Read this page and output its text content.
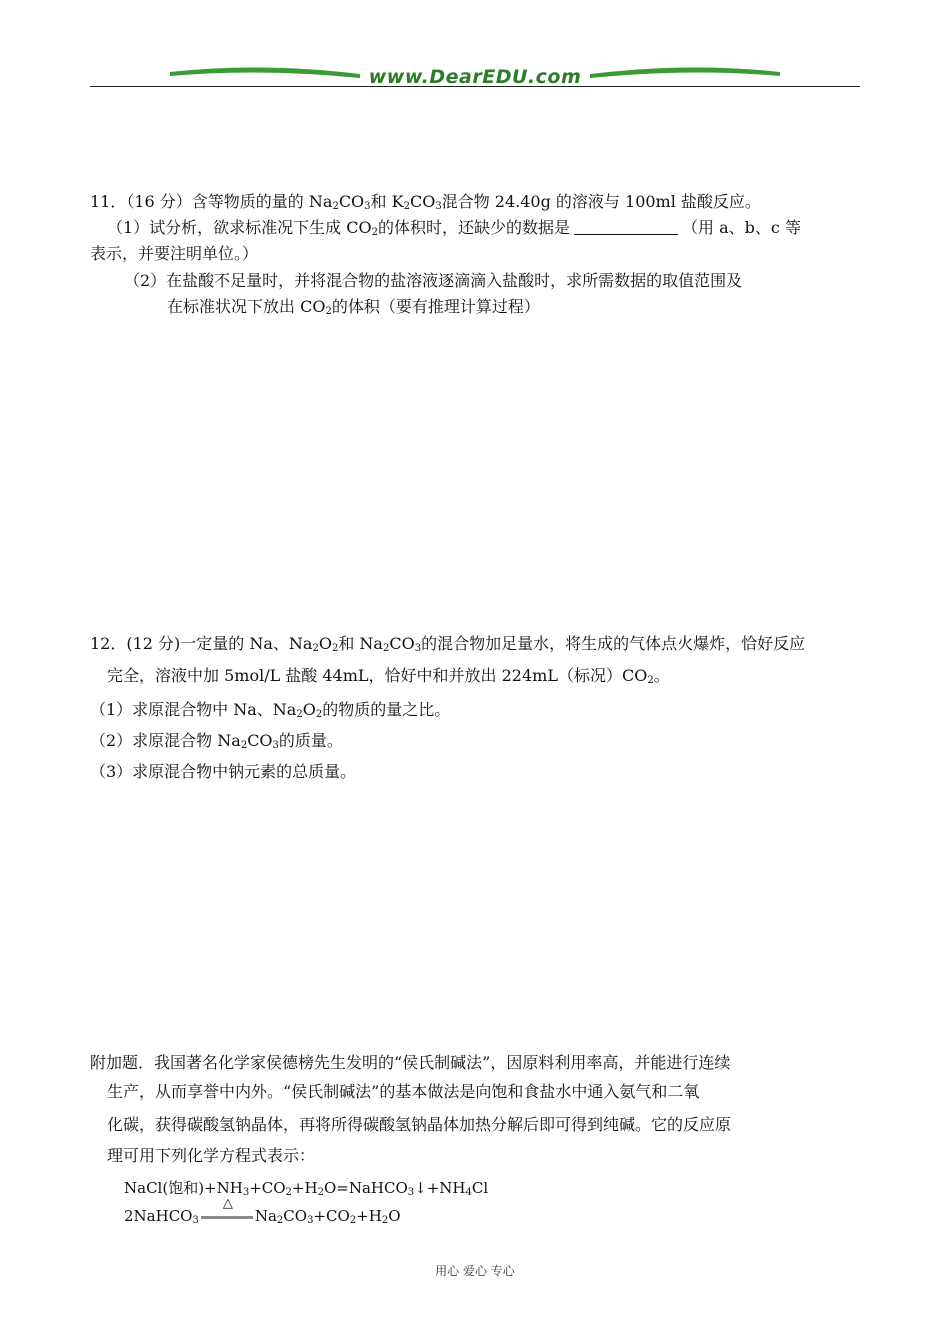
www.DearEDU.com
11．（16 分）含等物质的量的 $Na_2CO_3$和 $K_2CO_3$混合物 24.40g 的溶液与 100ml 盐酸反应。
（1）试分析，欲求标准况下生成 $CO_2$的体积时，还缺少的数据是	（用 a、b、c 等
表示，并要注明单位。）
（2）在盐酸不足量时，并将混合物的盐溶液逐滴滴入盐酸时，求所需数据的取值范围及
在标准状况下放出 $CO_2$的体积（要有推理计算过程）
12．(12 分)一定量的 Na、$Na_2O_2$和 $Na_2CO_3$的混合物加足量水，将生成的气体点火爆炸，恰好反应
完全，溶液中加 5mol/L 盐酸 44mL，恰好中和并放出 224mL（标况）$CO_2$。
（1）求原混合物中 Na、$Na_2O_2$的物质的量之比。
（2）求原混合物 $Na_2CO_3$的质量。
（3）求原混合物中钠元素的总质量。
附加题．我国著名化学家侯德榜先生发明的“侯氏制碱法”，因原料利用率高，并能进行连续
生产，从而享誉中内外。“侯氏制碱法”的基本做法是向饱和食盐水中通入氨气和二氧
化碳，获得碳酸氢钠晶体，再将所得碳酸氢钠晶体加热分解后即可得到纯碱。它的反应原
理可用下列化学方程式表示：
NaCl(饱和)$+NH_3+CO_2+H_2O=NaHCO_3↓+NH_4Cl$
2NaHCO$_3$
△
$Na_2CO_3+CO_2+H_2O$
用心 爱心 专心
